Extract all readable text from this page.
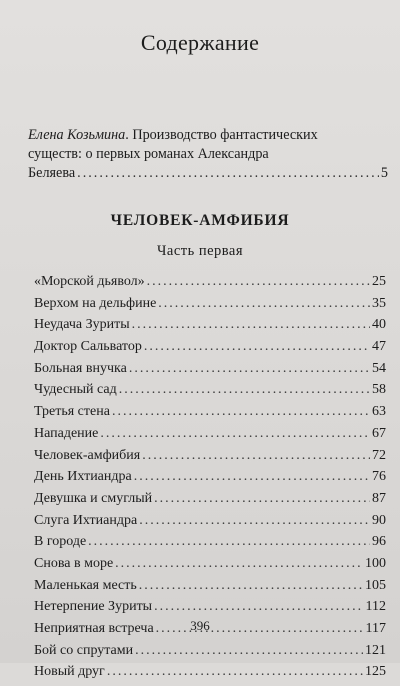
Содержание
Елена Козьмина. Производство фантастических
существ: о первых романах Александра
Беляева .....	5
ЧЕЛОВЕК-АМФИБИЯ
Часть первая
«Морской дьявол» .....	25
Верхом на дельфине .....	35
Неудача Зуриты .....	40
Доктор Сальватор .....	47
Больная внучка .....	54
Чудесный сад .....	58
Третья стена .....	63
Нападение .....	67
Человек-амфибия .....	72
День Ихтиандра .....	76
Девушка и смуглый .....	87
Слуга Ихтиандра .....	90
В городе .....	96
Снова в море .....	100
Маленькая месть .....	105
Нетерпение Зуриты .....	112
Неприятная встреча .....	117
Бой со спрутами .....	121
Новый друг .....	125
396
